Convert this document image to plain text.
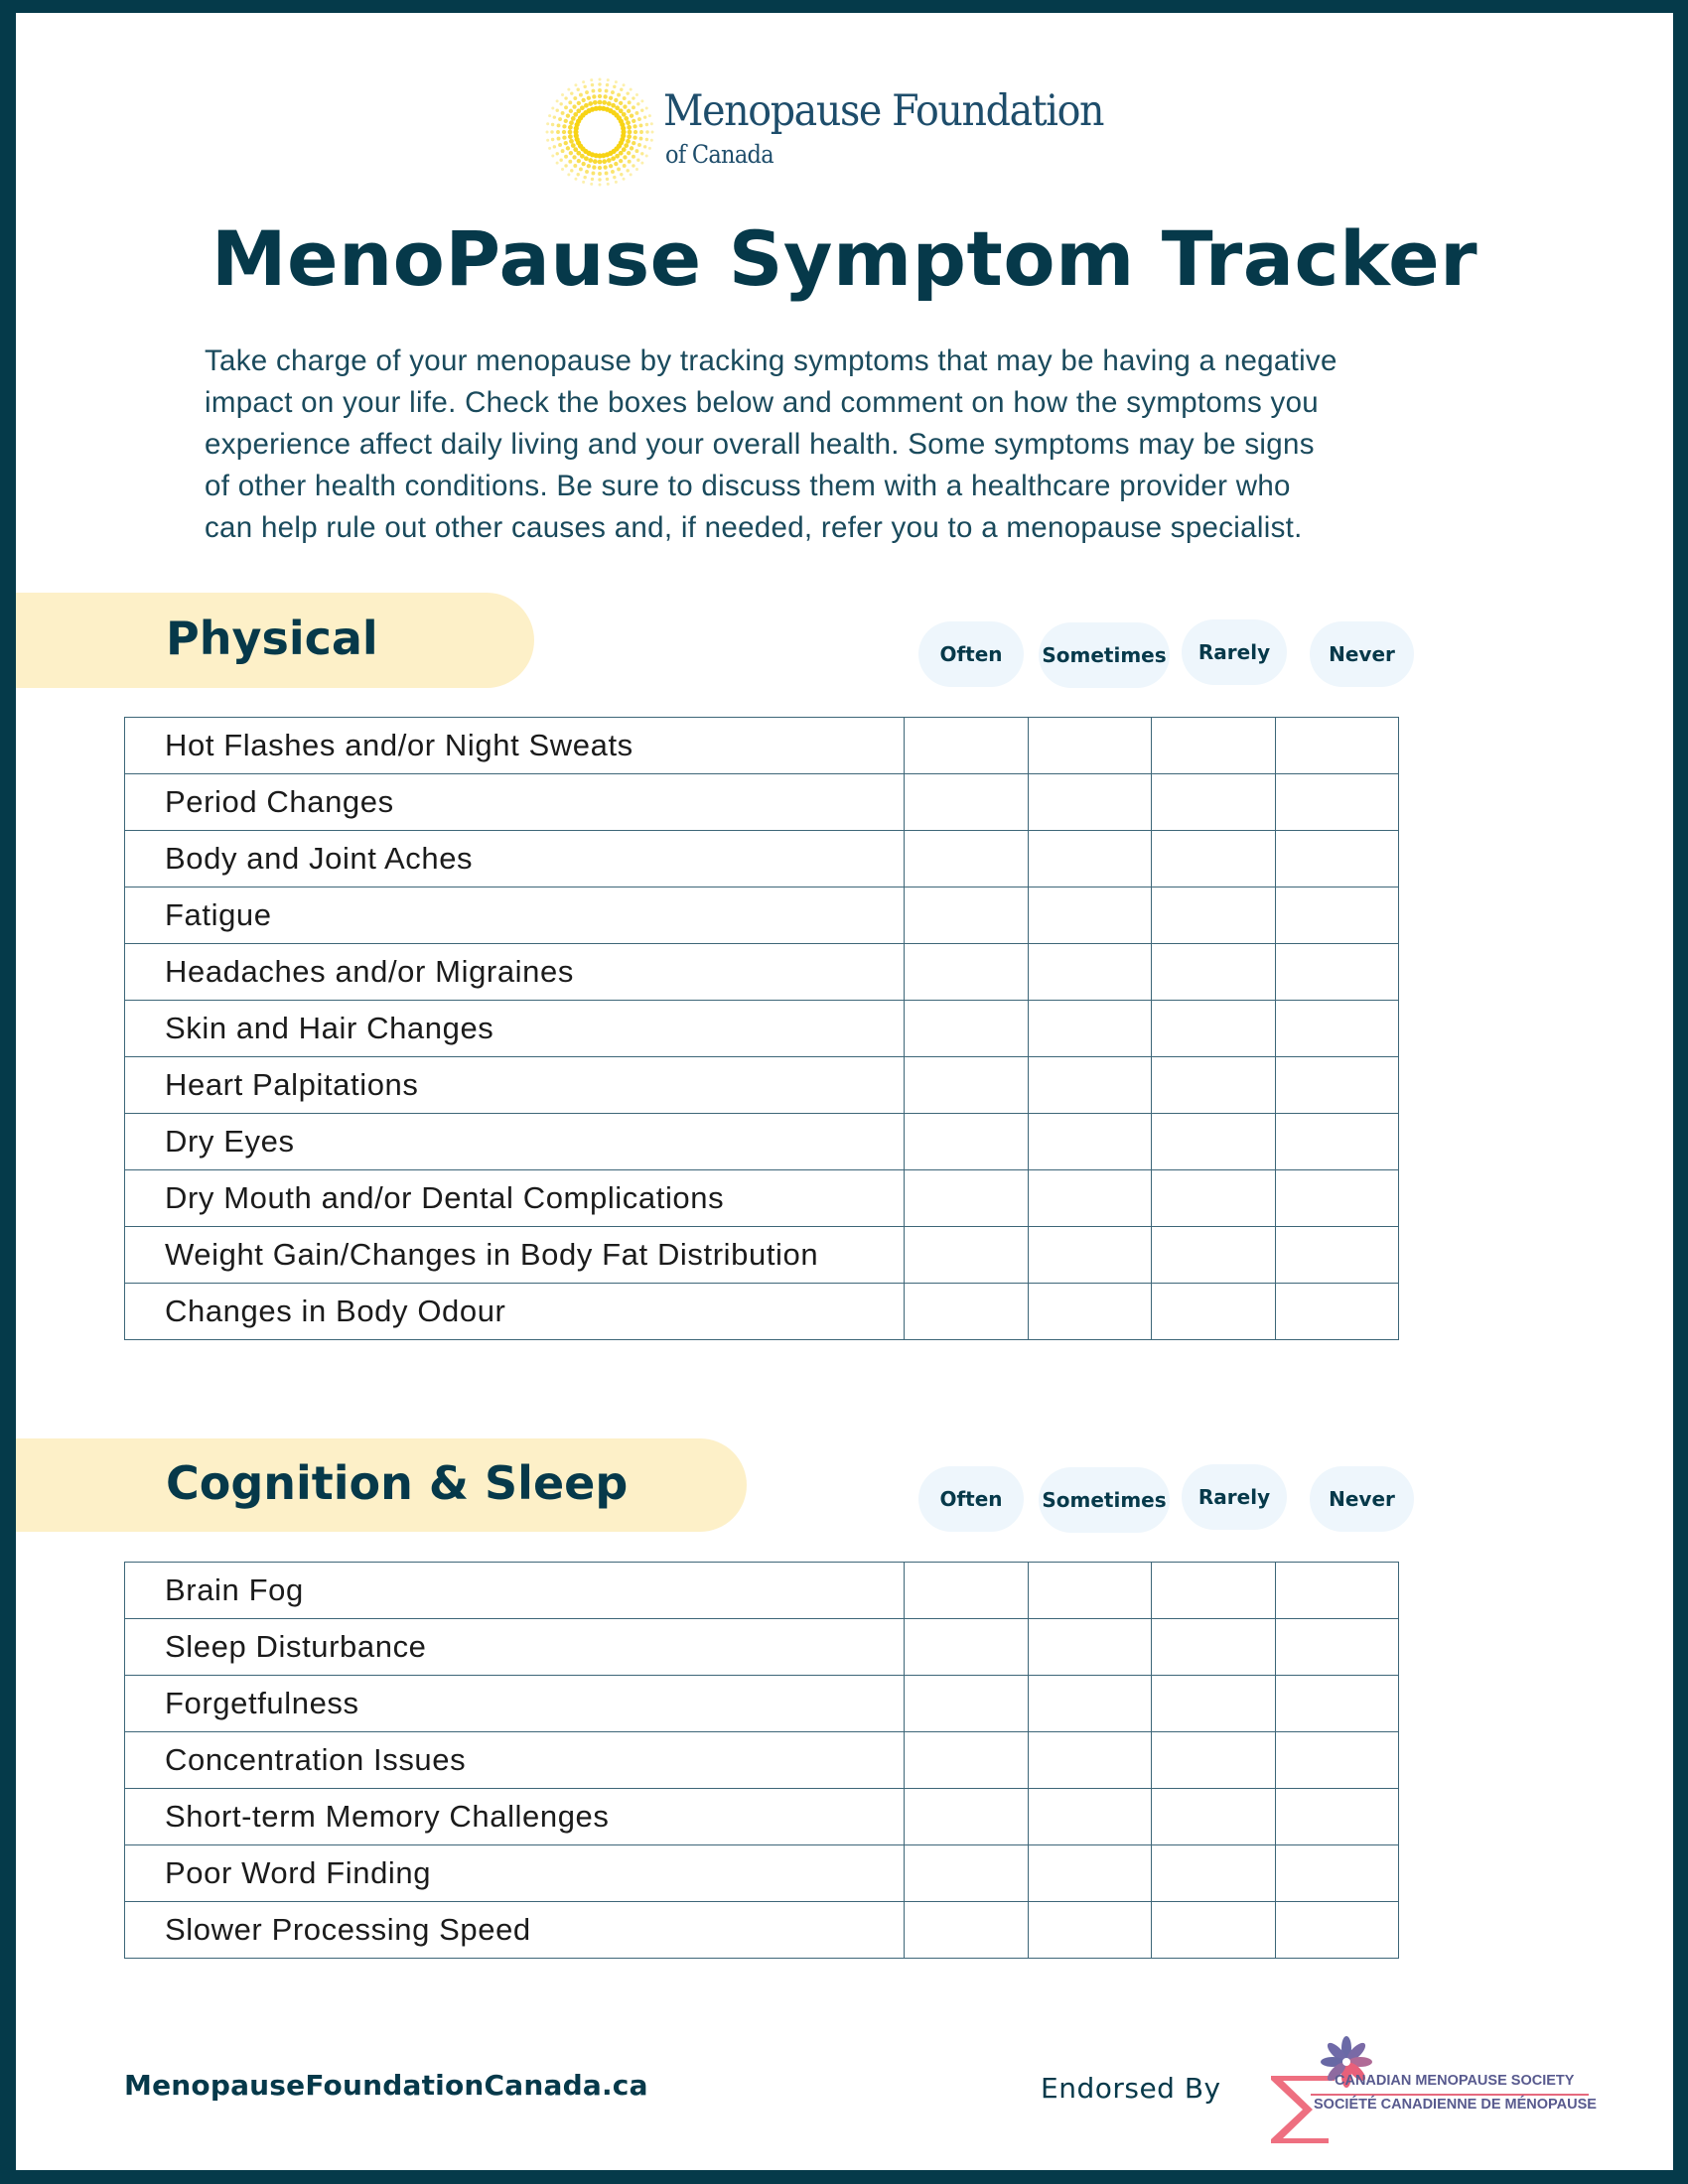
Menopause Foundation
of Canada
MenoPause Symptom Tracker
Take charge of your menopause by tracking symptoms that may be having a negative
impact on your life. Check the boxes below and comment on how the symptoms you
experience affect daily living and your overall health. Some symptoms may be signs
of other health conditions. Be sure to discuss them with a healthcare provider who
can help rule out other causes and, if needed, refer you to a menopause specialist.
Physical	Often	Sometimes	Rarely	Never
Hot Flashes and/or Night Sweats				
Period Changes				
Body and Joint Aches				
Fatigue				
Headaches and/or Migraines				
Skin and Hair Changes				
Heart Palpitations				
Dry Eyes				
Dry Mouth and/or Dental Complications				
Weight Gain/Changes in Body Fat Distribution				
Changes in Body Odour				
Cognition & Sleep	Often	Sometimes	Rarely	Never
Brain Fog				
Sleep Disturbance				
Forgetfulness				
Concentration Issues				
Short-term Memory Challenges				
Poor Word Finding				
Slower Processing Speed				
MenopauseFoundationCanada.ca	Endorsed By	CANADIAN MENOPAUSE SOCIETY
SOCIÉTÉ CANADIENNE DE MÉNOPAUSE
